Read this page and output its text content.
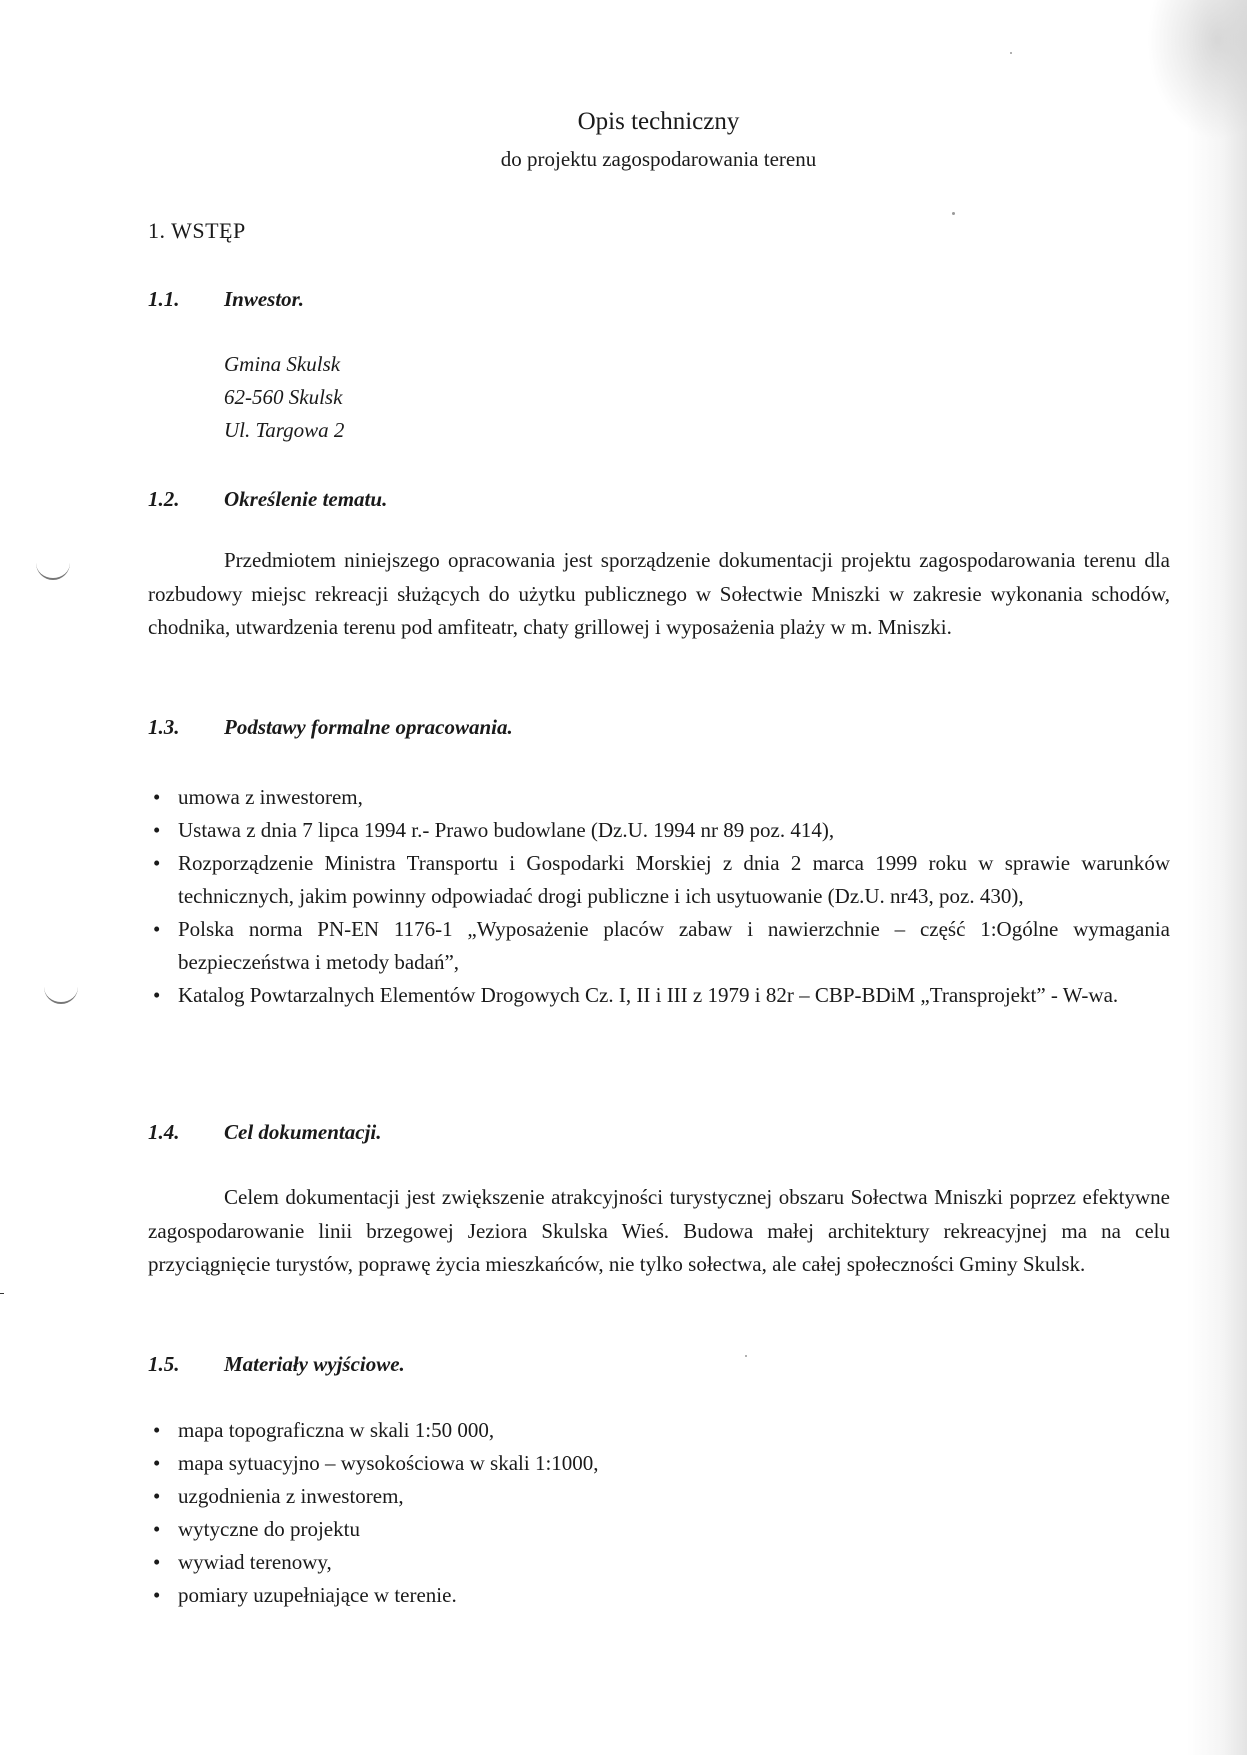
Opis techniczny
do projektu zagospodarowania terenu
1. WSTĘP
1.1. Inwestor.
Gmina Skulsk
62-560 Skulsk
Ul. Targowa 2
1.2. Określenie tematu.

Przedmiotem niniejszego opracowania jest sporządzenie dokumentacji projektu zagospodarowania terenu dla rozbudowy miejsc rekreacji służących do użytku publicznego w Sołectwie Mniszki w zakresie wykonania schodów, chodnika, utwardzenia terenu pod amfiteatr, chaty grillowej i wyposażenia plaży w m. Mniszki.

1.3. Podstawy formalne opracowania.
• umowa z inwestorem,
• Ustawa z dnia 7 lipca 1994 r.- Prawo budowlane (Dz.U. 1994 nr 89 poz. 414),
• Rozporządzenie Ministra Transportu i Gospodarki Morskiej z dnia 2 marca 1999 roku w sprawie warunków technicznych, jakim powinny odpowiadać drogi publiczne i ich usytuowanie (Dz.U. nr43, poz. 430),
• Polska norma PN-EN 1176-1 „Wyposażenie placów zabaw i nawierzchnie – część 1:Ogólne wymagania bezpieczeństwa i metody badań”,
• Katalog Powtarzalnych Elementów Drogowych Cz. I, II i III z 1979 i 82r – CBP-BDiM „Transprojekt” - W-wa.
1.4. Cel dokumentacji.

Celem dokumentacji jest zwiększenie atrakcyjności turystycznej obszaru Sołectwa Mniszki poprzez efektywne zagospodarowanie linii brzegowej Jeziora Skulska Wieś. Budowa małej architektury rekreacyjnej ma na celu przyciągnięcie turystów, poprawę życia mieszkańców, nie tylko sołectwa, ale całej społeczności Gminy Skulsk.

1.5. Materiały wyjściowe.
• mapa topograficzna w skali 1:50 000,
• mapa sytuacyjno – wysokościowa w skali 1:1000,
• uzgodnienia z inwestorem,
• wytyczne do projektu
• wywiad terenowy,
• pomiary uzupełniające w terenie.
